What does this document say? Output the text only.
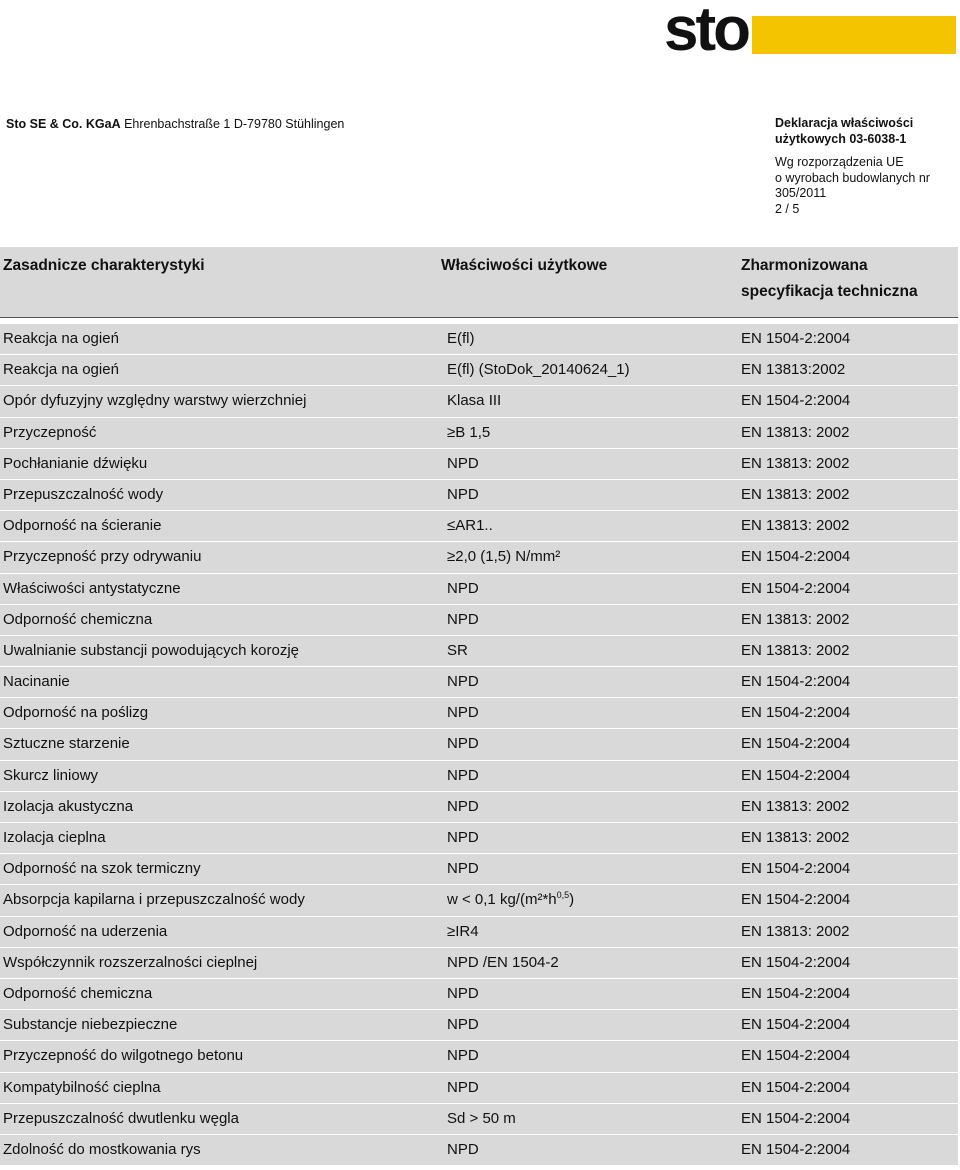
sto
Sto SE & Co. KGaA Ehrenbachstraße 1 D-79780 Stühlingen	Deklaracja właściwości
użytkowych 03-6038-1
Wg rozporządzenia UE
o wyrobach budowlanych nr
305/2011
2 / 5
Zasadnicze charakterystyki	Właściwości użytkowe	Zharmonizowana
specyfikacja techniczna
Reakcja na ogień	E(fl)	EN 1504-2:2004
Reakcja na ogień	E(fl) (StoDok_20140624_1)	EN 13813:2002
Opór dyfuzyjny względny warstwy wierzchniej	Klasa III	EN 1504-2:2004
Przyczepność	≥B 1,5	EN 13813: 2002
Pochłanianie dźwięku	NPD	EN 13813: 2002
Przepuszczalność wody	NPD	EN 13813: 2002
Odporność na ścieranie	≤AR1..	EN 13813: 2002
Przyczepność przy odrywaniu	≥2,0 (1,5) N/mm²	EN 1504-2:2004
Właściwości antystatyczne	NPD	EN 1504-2:2004
Odporność chemiczna	NPD	EN 13813: 2002
Uwalnianie substancji powodujących korozję	SR	EN 13813: 2002
Nacinanie	NPD	EN 1504-2:2004
Odporność na poślizg	NPD	EN 1504-2:2004
Sztuczne starzenie	NPD	EN 1504-2:2004
Skurcz liniowy	NPD	EN 1504-2:2004
Izolacja akustyczna	NPD	EN 13813: 2002
Izolacja cieplna	NPD	EN 13813: 2002
Odporność na szok termiczny	NPD	EN 1504-2:2004
Absorpcja kapilarna i przepuszczalność wody	w < 0,1 $kg/(m^2*h^{0,5})$	EN 1504-2:2004
Odporność na uderzenia	≥IR4	EN 13813: 2002
Współczynnik rozszerzalności cieplnej	NPD /EN 1504-2	EN 1504-2:2004
Odporność chemiczna	NPD	EN 1504-2:2004
Substancje niebezpieczne	NPD	EN 1504-2:2004
Przyczepność do wilgotnego betonu	NPD	EN 1504-2:2004
Kompatybilność cieplna	NPD	EN 1504-2:2004
Przepuszczalność dwutlenku węgla	Sd > 50 m	EN 1504-2:2004
Zdolność do mostkowania rys	NPD	EN 1504-2:2004
